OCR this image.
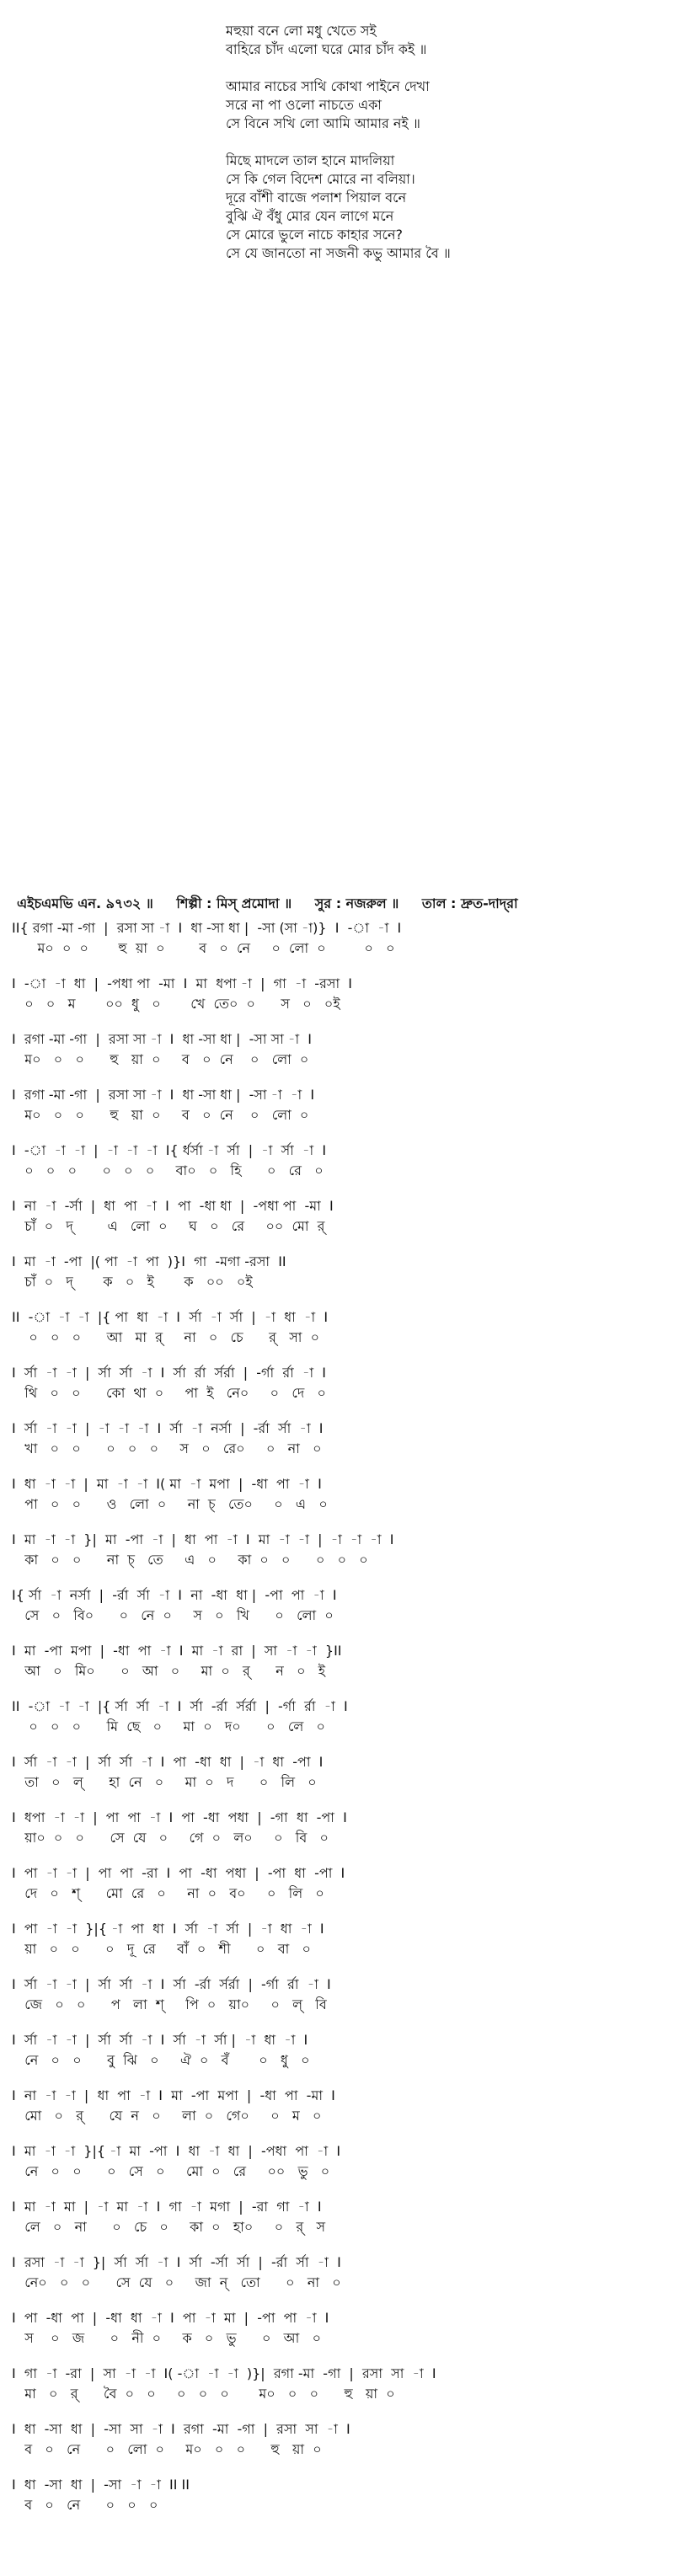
মহুয়া বনে লো মধু খেতে সই
বাহিরে চাঁদ এলো ঘরে মোর চাঁদ কই ॥
আমার নাচের সাথি কোথা পাইনে দেখা
সরে না পা ওলো নাচতে একা
সে বিনে সখি লো আমি আমার নই ॥
মিছে মাদলে তাল হানে মাদলিয়া
সে কি গেল বিদেশ মোরে না বলিয়া।
দূরে বাঁশী বাজে পলাশ পিয়াল বনে
বুঝি ঐ বঁধু মোর যেন লাগে মনে
সে মোরে ভুলে নাচে কাহার সনে?
সে যে জানতো না সজনী কভু আমার বৈ ॥
এইচএমভি এন. ৯৭৩২ ॥ শিল্পী : মিস্ প্রমোদা ॥ সুর : নজরুল ॥ তাল : দ্রুত-দাদ্‌রা
II{ রগা -মা -গা  |  রসা সা -া  I  ধা -সা ধা |  -সা (সা -া)}  I  -া  -া  I
ম০  ০  ০       হু  য়া  ০        ব   ০  নে     ০  লো  ০         ০   ০
I  -া  -া  ধা  |  -পধা পা  -মা  I  মা  ধপা -া  |  গা  -া  -রসা  I
০   ০   ম       ০০  ধু   ০       খে  তে০  ০      স   ০   ০ই
I  রগা -মা -গা  |  রসা সা -া  I  ধা -সা ধা |  -সা সা -া  I
ম০   ০   ০      হু   য়া  ০     ব   ০  নে    ০   লো  ০
I  রগা -মা -গা  |  রসা সা -া  I  ধা -সা ধা |  -সা -া  -া  I
ম০   ০   ০      হু   য়া  ০     ব   ০  নে    ০   লো  ০
I  -া  -া  -া  |  -া  -া  -া  I{ র্ধর্সা -া  র্সা  |  -া  র্সা  -া  I
০   ০   ০      ০   ০   ০     বা০   ০   হি      ০   রে   ০
I  না  -া  -র্সা  |  ধা  পা  -া  I  পা  -ধা ধা  |  -পধা পা  -মা  I
চাঁ  ০   দ্        এ   লো  ০     ঘ   ০   রে     ০০  মো  র্
I  মা  -া  -পা  |( পা  -া  পা  )}I  গা  -মগা -রসা  II
চাঁ  ০   দ্       ক   ০   ই       ক   ০০   ০ই
II  -া  -া  -া  |{ পা  ধা  -া  I  র্সা  -া  র্সা  |  -া  ধা  -া  I
০   ০   ০      আ   মা  র্     না   ০   চে      র্   সা  ০
I  র্সা  -া  -া  |  র্সা  র্সা  -া  I  র্সা  র্রা  র্সর্রা  |  -র্গা  র্রা  -া  I
থি   ০   ০      কো  থা  ০     পা  ই   নে০     ০   দে   ০
I  র্সা  -া  -া  |  -া  -া  -া  I  র্সা  -া  নর্সা  |  -র্রা  র্সা  -া  I
খা   ০   ০      ০   ০   ০     স   ০   রে০     ০   না   ০
I  ধা  -া  -া  |  মা  -া  -া  I( মা  -া  মপা  |  -ধা  পা  -া  I
পা   ০   ০      ও   লো  ০     না  চ্   তে০     ০   এ   ০
I  মা  -া  -া  }|  মা  -পা  -া  |  ধা  পা  -া  I  মা  -া  -া  |  -া  -া  -া  I
কা   ০   ০      না  চ্   তে     এ   ০     কা  ০   ০      ০   ০   ০
I{ র্সা  -া  নর্সা  |  -র্রা  র্সা  -া  I  না  -ধা  ধা |  -পা  পা  -া  I
সে   ০   বি০      ০   নে  ০     স   ০   খি      ০   লো  ০
I  মা  -পা  মপা  |  -ধা  পা  -া  I  মা  -া  রা  |  সা  -া  -া  }II
আ   ০   মি০      ০   আ   ০     মা  ০   র্      ন   ০   ই
II  -া  -া  -া  |{ র্সা  র্সা  -া  I  র্সা  -র্রা  র্সর্রা  |  -র্গা  র্রা  -া  I
০   ০   ০      মি  ছে   ০     মা  ০   দ০      ০   লে   ০
I  র্সা  -া  -া  |  র্সা  র্সা  -া  I  পা  -ধা  ধা  |  -া  ধা  -পা  I
তা   ০   ল্      হা  নে   ০     মা  ০   দ      ০   লি   ০
I  ধপা  -া  -া  |  পা  পা  -া  I  পা  -ধা  পধা  |  -গা  ধা  -পা  I
য়া০  ০   ০      সে  যে   ০     গে  ০   ল০     ০   বি   ০
I  পা  -া  -া  |  পা  পা  -রা  I  পা  -ধা  পধা  |  -পা  ধা  -পা  I
দে   ০   শ্      মো  রে   ০     না  ০   ব০     ০   লি   ০
I  পা  -া  -া  }|{ -া  পা  ধা  I  র্সা  -া  র্সা  |  -া  ধা  -া  I
য়া   ০   ০      ০   দূ  রে     বাঁ  ০   শী      ০   বা   ০
I  র্সা  -া  -া  |  র্সা  র্সা  -া  I  র্সা  -র্রা  র্সর্রা  |  -র্গা  র্রা  -া  I
জে   ০   ০      প   লা  শ্     পি  ০   য়া০     ০   ল্   বি
I  র্সা  -া  -া  |  র্সা  র্সা  -া  I  র্সা  -া  র্সা |  -া  ধা  -া  I
নে   ০   ০      বু  ঝি   ০     ঐ  ০   বঁ       ০   ধু   ০
I  না  -া  -া  |  ধা  পা  -া  I  মা  -পা  মপা  |  -ধা  পা  -মা  I
মো   ০   র্      যে  ন   ০     লা  ০   গে০     ০   ম   ০
I  মা  -া  -া  }|{ -া  মা  -পা  I  ধা  -া  ধা  |  -পধা  পা  -া  I
নে   ০   ০      ০   সে   ০     মো  ০   রে     ০০   ভু   ০
I  মা  -া  মা  |  -া  মা  -া  I  গা  -া  মগা  |  -রা  গা  -া  I
লে   ০   না      ০   চে   ০     কা  ০   হা০     ০   র্   স
I  রসা  -া  -া  }|  র্সা  র্সা  -া  I  র্সা  -র্সা  র্সা  |  -র্রা  র্সা  -া  I
নে০   ০   ০      সে  যে   ০     জা  ন্   তো      ০   না   ০
I  পা  -ধা  পা  |  -ধা  ধা  -া  I  পা  -া  মা  |  -পা  পা  -া  I
স    ০   জ      ০   নী  ০     ক   ০   ভু      ০   আ   ০
I  গা  -া  -রা  |  সা  -া  -া  I( -া  -া  -া  )}|  রগা -মা  -গা  |  রসা  সা  -া  I
মা   ০   র্      বৈ  ০   ০     ০   ০   ০       ম০   ০   ০      হু   য়া  ০
I  ধা  -সা  ধা  |  -সা  সা  -া  I  রগা  -মা  -গা  |  রসা  সা  -া  I
ব   ০   নে      ০   লো  ০     ম০   ০   ০      হু   য়া  ০
I  ধা  -সা  ধা  |  -সা  -া  -া  II II
ব   ০   নে      ০   ০   ০
